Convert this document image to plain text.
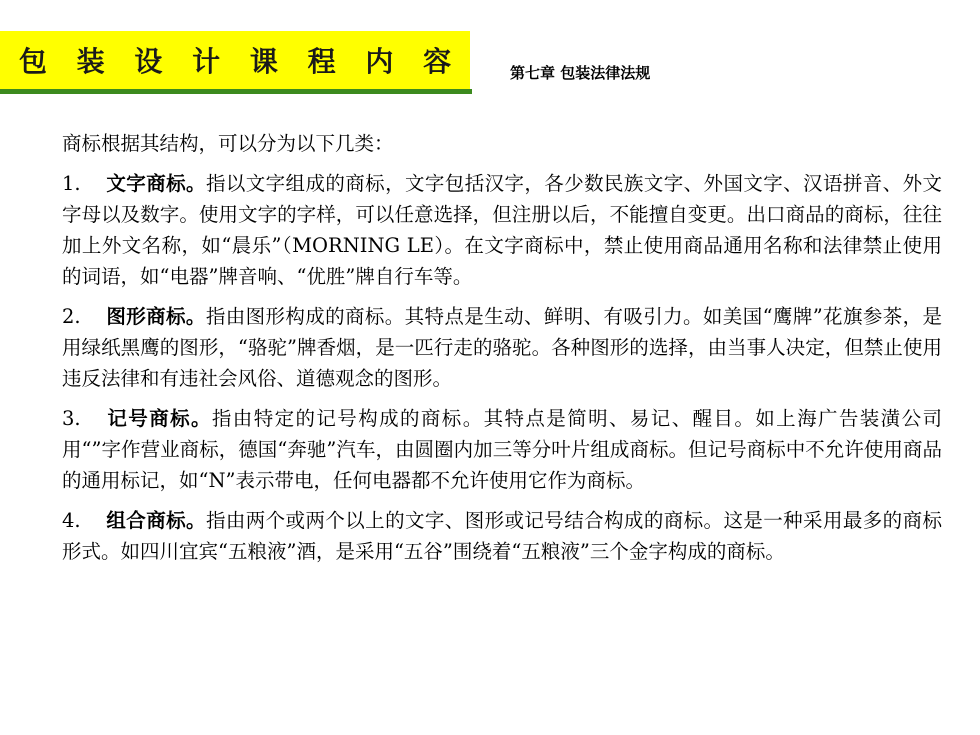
包 装 设 计 课 程 内 容	第七章 包装法律法规

商标根据其结构，可以分为以下几类：

1. 文字商标。指以文字组成的商标，文字包括汉字，各少数民族文字、外国文字、汉语拼音、外文字母以及数字。使用文字的字样，可以任意选择，但注册以后，不能擅自变更。出口商品的商标，往往加上外文名称，如“晨乐”（MORNING LE）。在文字商标中，禁止使用商品通用名称和法律禁止使用的词语，如“电器”牌音响、“优胜”牌自行车等。

2. 图形商标。指由图形构成的商标。其特点是生动、鲜明、有吸引力。如美国“鹰牌”花旗参茶，是用绿纸黑鹰的图形，“骆驼”牌香烟，是一匹行走的骆驼。各种图形的选择，由当事人决定，但禁止使用违反法律和有违社会风俗、道德观念的图形。

3. 记号商标。指由特定的记号构成的商标。其特点是简明、易记、醒目。如上海广告装潢公司用“”字作营业商标，德国“奔驰”汽车，由圆圈内加三等分叶片组成商标。但记号商标中不允许使用商品的通用标记，如“N”表示带电，任何电器都不允许使用它作为商标。

4. 组合商标。指由两个或两个以上的文字、图形或记号结合构成的商标。这是一种采用最多的商标形式。如四川宜宾“五粮液”酒，是采用“五谷”围绕着“五粮液”三个金字构成的商标。
